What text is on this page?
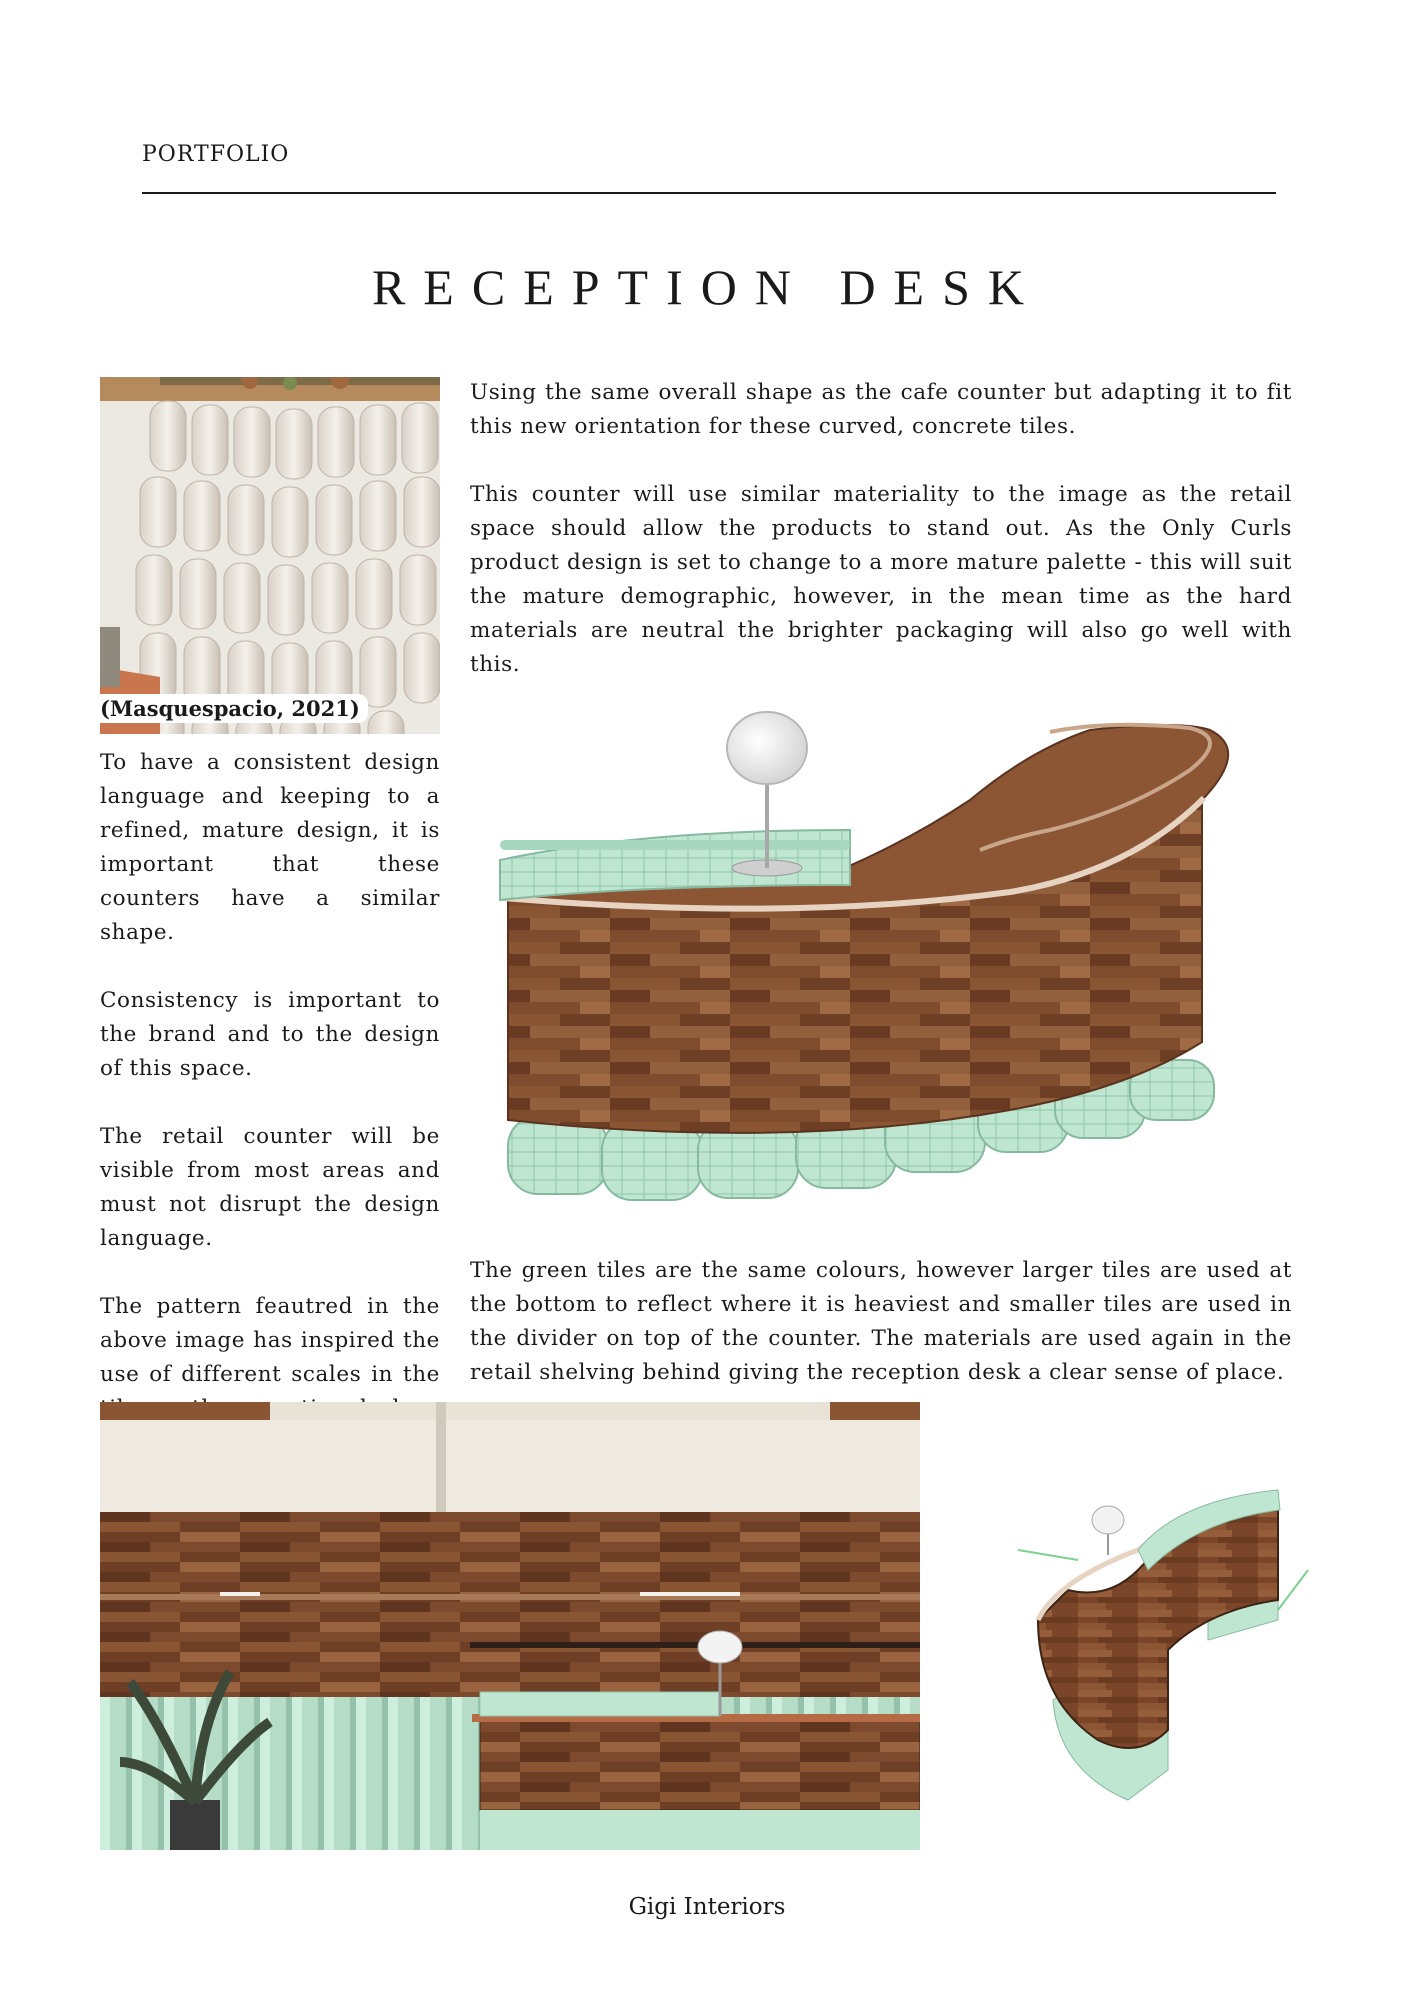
PORTFOLIO
RECEPTION DESK
(Masquespacio, 2021)

Using the same overall shape as the cafe counter but adapting it to fit this new orientation for these curved, concrete tiles.

This counter will use similar materiality to the image as the retail space should allow the products to stand out. As the Only Curls product design is set to change to a more mature palette - this will suit the mature demographic, however, in the mean time as the hard materials are neutral the brighter packaging will also go well with this.

To have a consistent design language and keeping to a refined, mature design, it is important that these counters have a similar shape.

Consistency is important to the brand and to the design of this space.

The retail counter will be visible from most areas and must not disrupt the design language.

The pattern feautred in the above image has inspired the use of different scales in the

The green tiles are the same colours, however larger tiles are used at the bottom to reflect where it is heaviest and smaller tiles are used in the divider on top of the counter. The materials are used again in the retail shelving behind giving the reception desk a clear sense of place.

Gigi Interiors
